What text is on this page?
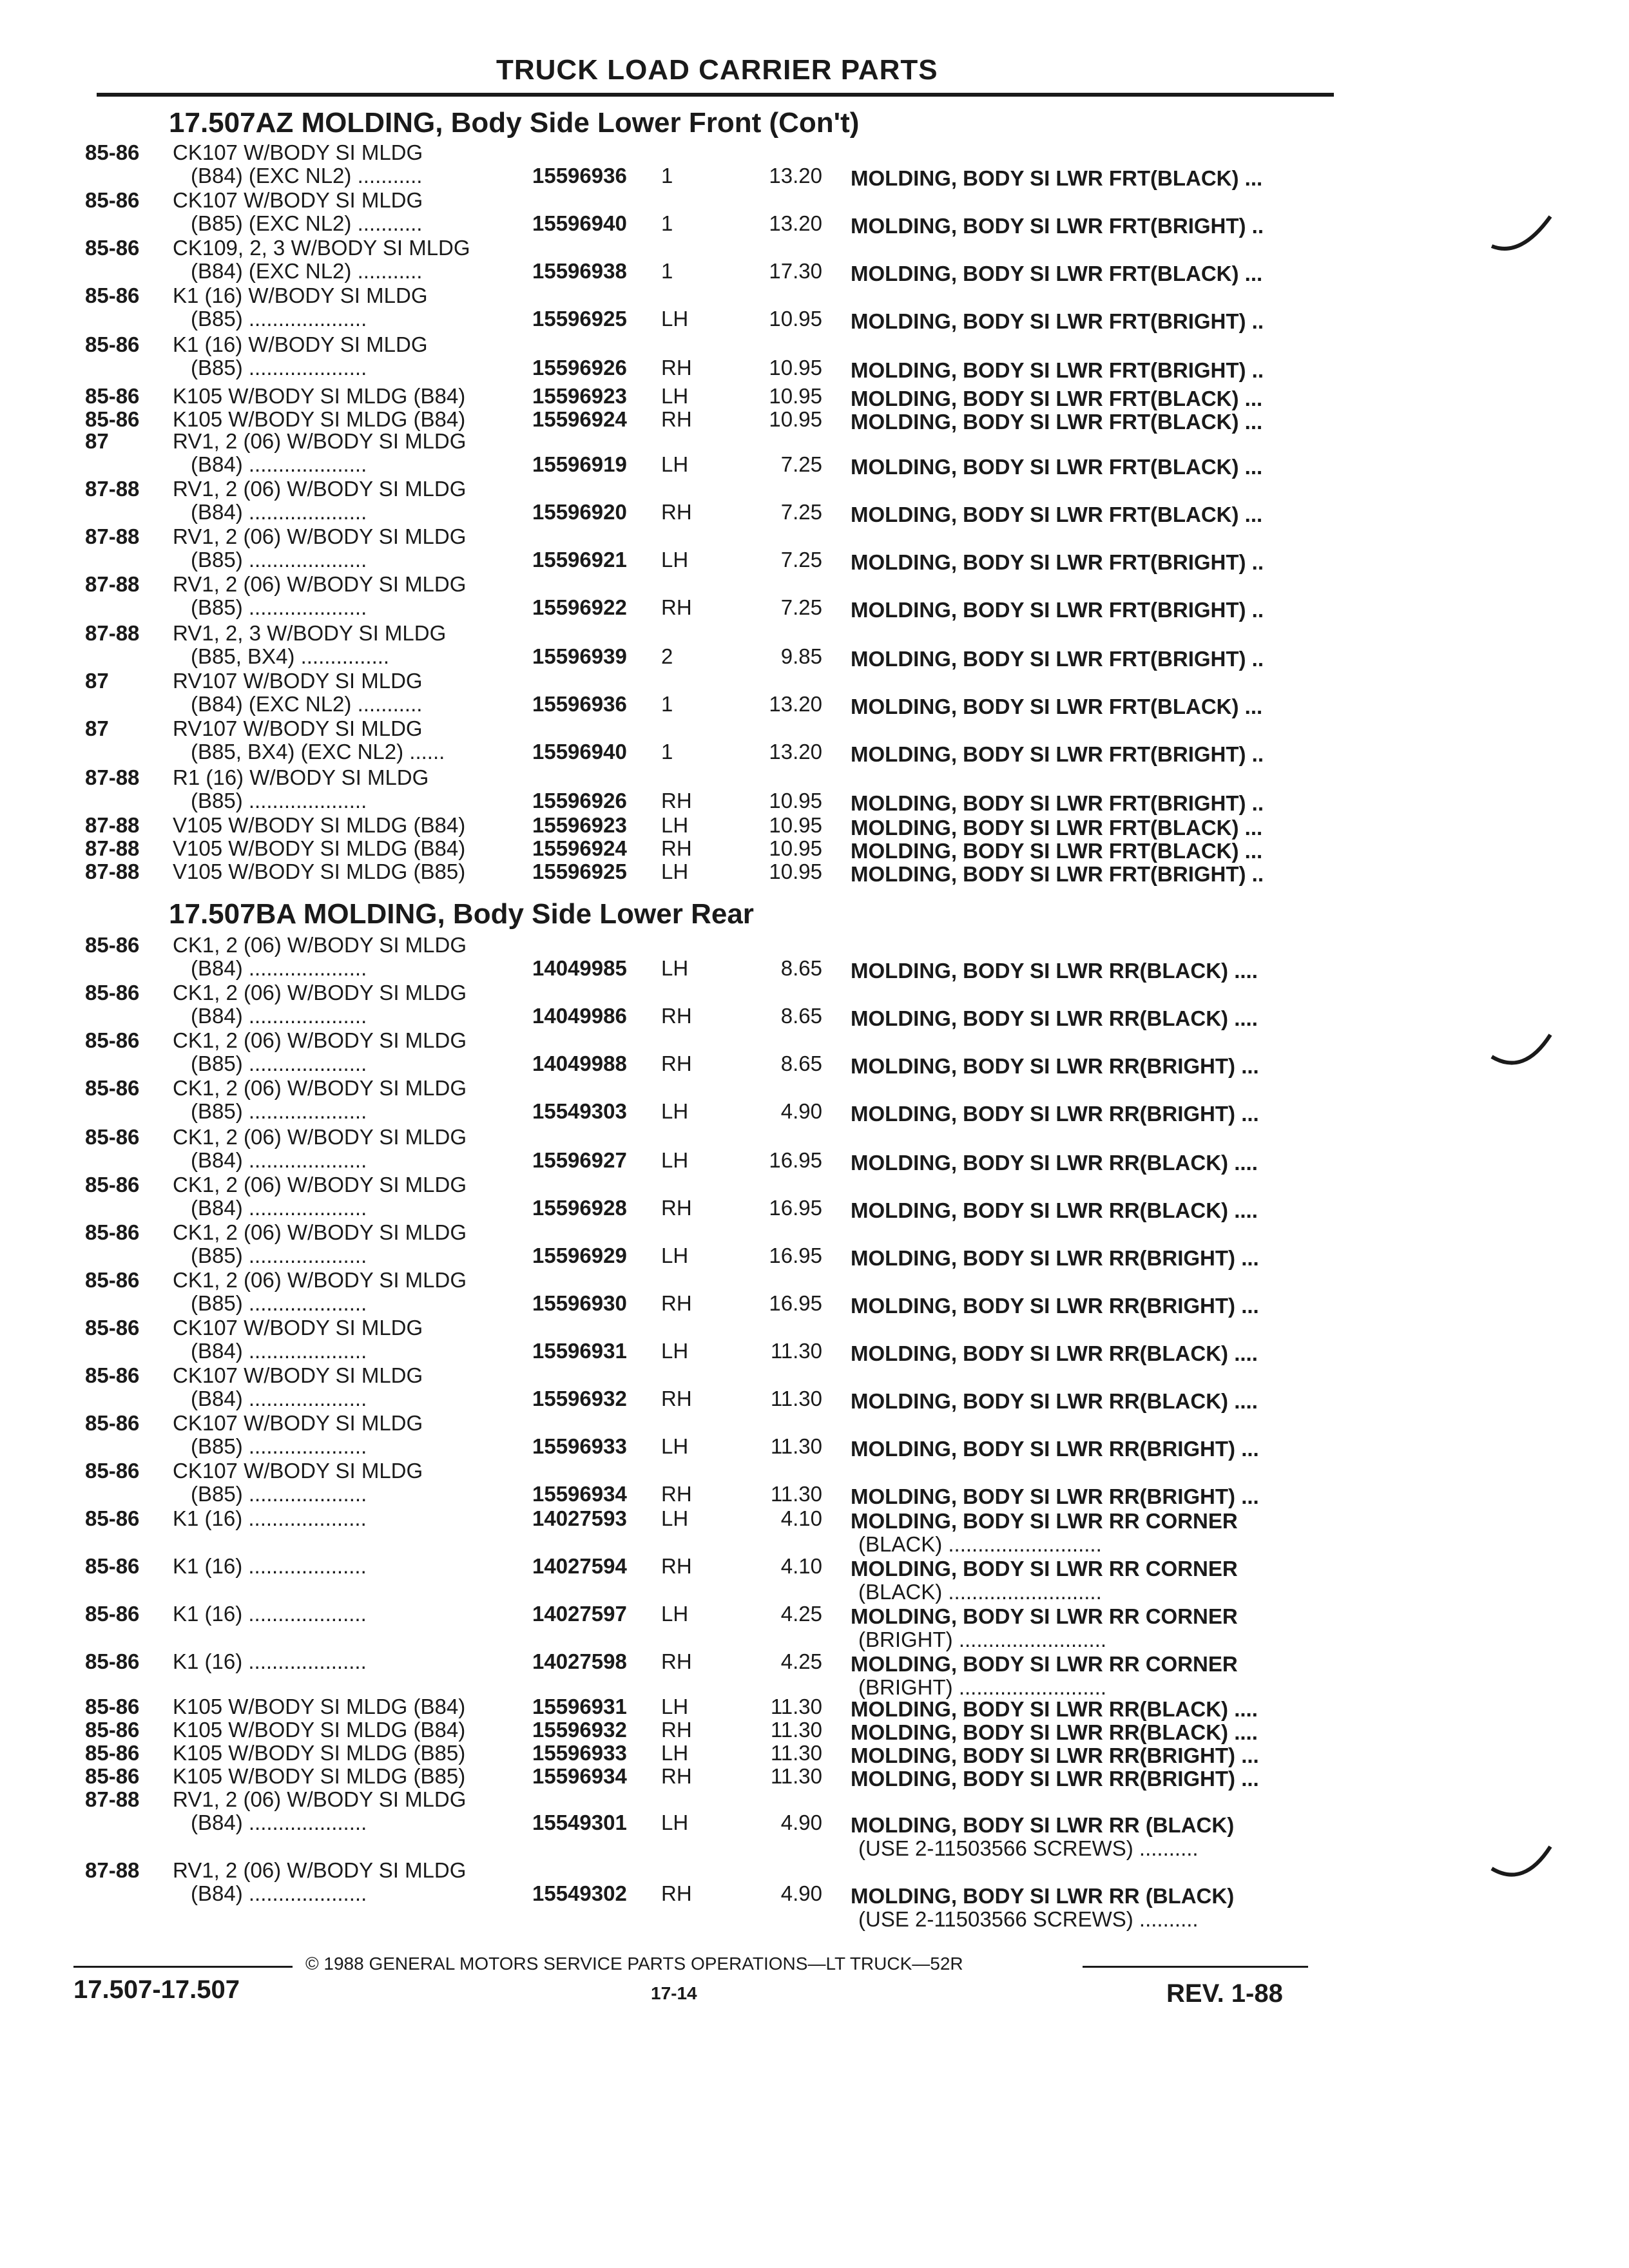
TRUCK LOAD CARRIER PARTS
17.507AZ MOLDING, Body Side Lower Front (Con't)
85-86 CK107 W/BODY SI MLDG
(B84) (EXC NL2) ...........	15596936 1	13.20 MOLDING, BODY SI LWR FRT(BLACK) ...
85-86 CK107 W/BODY SI MLDG
(B85) (EXC NL2) ...........	15596940 1	13.20 MOLDING, BODY SI LWR FRT(BRIGHT) ..
85-86 CK109, 2, 3 W/BODY SI MLDG
(B84) (EXC NL2) ...........	15596938 1	17.30 MOLDING, BODY SI LWR FRT(BLACK) ...
85-86 K1 (16) W/BODY SI MLDG
(B85) ....................	15596925 LH	10.95 MOLDING, BODY SI LWR FRT(BRIGHT) ..
85-86 K1 (16) W/BODY SI MLDG
(B85) ....................	15596926 RH	10.95 MOLDING, BODY SI LWR FRT(BRIGHT) ..
85-86 K105 W/BODY SI MLDG (B84)	15596923 LH	10.95 MOLDING, BODY SI LWR FRT(BLACK) ...
85-86 K105 W/BODY SI MLDG (B84)	15596924 RH	10.95 MOLDING, BODY SI LWR FRT(BLACK) ...
87	RV1, 2 (06) W/BODY SI MLDG
(B84) ....................	15596919 LH	7.25 MOLDING, BODY SI LWR FRT(BLACK) ...
87-88 RV1, 2 (06) W/BODY SI MLDG
(B84) ....................	15596920 RH	7.25 MOLDING, BODY SI LWR FRT(BLACK) ...
87-88 RV1, 2 (06) W/BODY SI MLDG
(B85) ....................	15596921 LH	7.25 MOLDING, BODY SI LWR FRT(BRIGHT) ..
87-88 RV1, 2 (06) W/BODY SI MLDG
(B85) ....................	15596922 RH	7.25 MOLDING, BODY SI LWR FRT(BRIGHT) ..
87-88 RV1, 2, 3 W/BODY SI MLDG
(B85, BX4) ...............	15596939 2	9.85 MOLDING, BODY SI LWR FRT(BRIGHT) ..
87	RV107 W/BODY SI MLDG
(B84) (EXC NL2) ...........	15596936 1	13.20 MOLDING, BODY SI LWR FRT(BLACK) ...
87	RV107 W/BODY SI MLDG
(B85, BX4) (EXC NL2) ......	15596940 1	13.20 MOLDING, BODY SI LWR FRT(BRIGHT) ..
87-88 R1 (16) W/BODY SI MLDG
(B85) ....................	15596926 RH	10.95 MOLDING, BODY SI LWR FRT(BRIGHT) ..
87-88 V105 W/BODY SI MLDG (B84)	15596923 LH	10.95 MOLDING, BODY SI LWR FRT(BLACK) ...
87-88 V105 W/BODY SI MLDG (B84)	15596924 RH	10.95 MOLDING, BODY SI LWR FRT(BLACK) ...
87-88 V105 W/BODY SI MLDG (B85)	15596925 LH	10.95 MOLDING, BODY SI LWR FRT(BRIGHT) ..
17.507BA MOLDING, Body Side Lower Rear
85-86 CK1, 2 (06) W/BODY SI MLDG
(B84) ....................	14049985 LH	8.65 MOLDING, BODY SI LWR RR(BLACK) ....
85-86 CK1, 2 (06) W/BODY SI MLDG
(B84) ....................	14049986 RH	8.65 MOLDING, BODY SI LWR RR(BLACK) ....
85-86 CK1, 2 (06) W/BODY SI MLDG
(B85) ....................	14049988 RH	8.65 MOLDING, BODY SI LWR RR(BRIGHT) ...
85-86 CK1, 2 (06) W/BODY SI MLDG
(B85) ....................	15549303 LH	4.90 MOLDING, BODY SI LWR RR(BRIGHT) ...
85-86 CK1, 2 (06) W/BODY SI MLDG
(B84) ....................	15596927 LH	16.95 MOLDING, BODY SI LWR RR(BLACK) ....
85-86 CK1, 2 (06) W/BODY SI MLDG
(B84) ....................	15596928 RH	16.95 MOLDING, BODY SI LWR RR(BLACK) ....
85-86 CK1, 2 (06) W/BODY SI MLDG
(B85) ....................	15596929 LH	16.95 MOLDING, BODY SI LWR RR(BRIGHT) ...
85-86 CK1, 2 (06) W/BODY SI MLDG
(B85) ....................	15596930 RH	16.95 MOLDING, BODY SI LWR RR(BRIGHT) ...
85-86 CK107 W/BODY SI MLDG
(B84) ....................	15596931 LH	11.30 MOLDING, BODY SI LWR RR(BLACK) ....
85-86 CK107 W/BODY SI MLDG
(B84) ....................	15596932 RH	11.30 MOLDING, BODY SI LWR RR(BLACK) ....
85-86 CK107 W/BODY SI MLDG
(B85) ....................	15596933 LH	11.30 MOLDING, BODY SI LWR RR(BRIGHT) ...
85-86 CK107 W/BODY SI MLDG
(B85) ....................	15596934 RH	11.30 MOLDING, BODY SI LWR RR(BRIGHT) ...
85-86 K1 (16) ....................	14027593 LH	4.10 MOLDING, BODY SI LWR RR CORNER
(BLACK) ..........................
85-86 K1 (16) ....................	14027594 RH	4.10 MOLDING, BODY SI LWR RR CORNER
(BLACK) ..........................
85-86 K1 (16) ....................	14027597 LH	4.25 MOLDING, BODY SI LWR RR CORNER
(BRIGHT) .........................
85-86 K1 (16) ....................	14027598 RH	4.25 MOLDING, BODY SI LWR RR CORNER
(BRIGHT) .........................
85-86 K105 W/BODY SI MLDG (B84)	15596931 LH	11.30 MOLDING, BODY SI LWR RR(BLACK) ....
85-86 K105 W/BODY SI MLDG (B84)	15596932 RH	11.30 MOLDING, BODY SI LWR RR(BLACK) ....
85-86 K105 W/BODY SI MLDG (B85)	15596933 LH	11.30 MOLDING, BODY SI LWR RR(BRIGHT) ...
85-86 K105 W/BODY SI MLDG (B85)	15596934 RH	11.30 MOLDING, BODY SI LWR RR(BRIGHT) ...
87-88 RV1, 2 (06) W/BODY SI MLDG
(B84) ....................	15549301 LH	4.90 MOLDING, BODY SI LWR RR (BLACK)
(USE 2-11503566 SCREWS) ..........
87-88 RV1, 2 (06) W/BODY SI MLDG
(B84) ....................	15549302 RH	4.90 MOLDING, BODY SI LWR RR (BLACK)
(USE 2-11503566 SCREWS) ..........
© 1988 GENERAL MOTORS SERVICE PARTS OPERATIONS—LT TRUCK—52R
17.507-17.507	17-14	REV. 1-88
